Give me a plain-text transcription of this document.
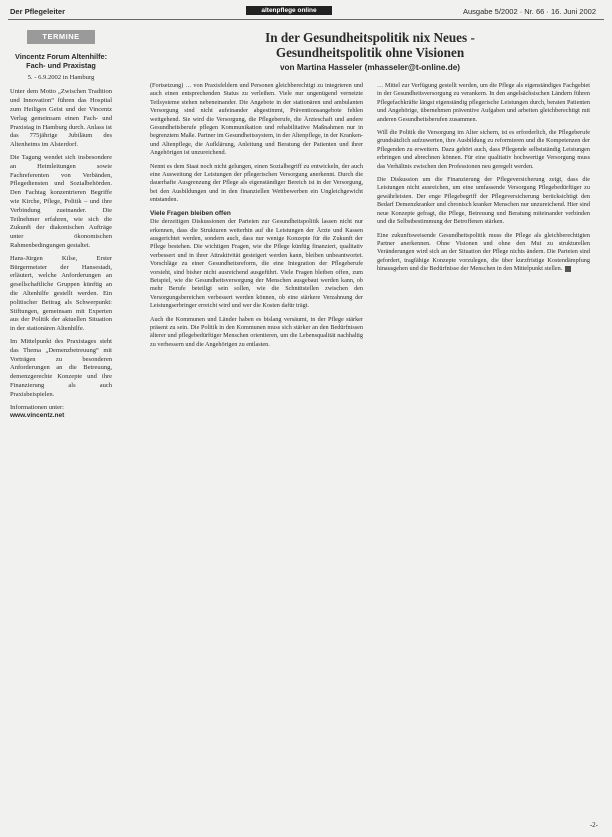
Der Pflegeleiter	altenpflege online	Ausgabe 5/2002 · Nr. 66 · 16. Juni 2002
TERMINE
Vincentz Forum Altenhilfe: Fach- und Praxistag
5. - 6.9.2002 in Hamburg

Unter dem Motto „Zwischen Tradition und Innovation“ führen das Hospital zum Heiligen Geist und der Vincentz Verlag gemeinsam einen Fach- und Praxistag in Hamburg durch. Anlass ist das 775jährige Jubiläum des Altenheims im Alsterdorf.

Die Tagung wendet sich insbesondere an Heimleitungen sowie Fachreferenten von Verbänden, Pflegediensten und Sozialbehörden. Den Fachtag konzentrieren Begriffe wie Kirche, Pflege, Politik – und ihre Verbindung zueinander. Die Teilnehmer erfahren, wie sich die Zukunft der diakonischen Aufträge unter ökonomischen Rahmenbedingungen gestaltet.

Hans-Jürgen Kilse, Erster Bürgermeister der Hansestadt, erläutert, welche Anforderungen an gesellschaftliche Gruppen künftig an die Altenhilfe gestellt werden. Ein politischer Beitrag als Schwerpunkt: Stiftungen, gemeinsam mit Experten aus der Politik der aktuellen Situation in der stationären Altenhilfe.

Im Mittelpunkt des Praxistages steht das Thema „Demenzbetreuung“ mit Vorträgen zu besonderen Anforderungen an die Betreuung, demenzgerechte Konzepte und ihre Finanzierung als auch Praxisbeispielen.

Informationen unter:
www.vincentz.net
In der Gesundheitspolitik nix Neues -
Gesundheitspolitik ohne Visionen
von Martina Hasseler (mhasseler@t-online.de)

(Fortsetzung) … von Praxisfeldern und Personen gleichberechtigt zu integrieren und auch einen entsprechenden Status zu verleihen. Viele nur ungenügend vernetzte Teilsysteme stehen nebeneinander. Die Angebote in der stationären und ambulanten Versorgung sind nicht aufeinander abgestimmt, Präventionsangebote fehlen weitgehend. Sie wird die Versorgung, die Pflegeberufe, die Ärzteschaft und andere Gesundheitsberufe pflegen Kommunikation und rehabilitative Maßnahmen nur in begrenztem Maße. Partner im Gesundheitssystem, in der Altenpflege, in der Kranken- und Altenpflege, die Aufklärung, Anleitung und Beratung der Patienten und ihrer Angehörigen ist unzureichend.

Nennt es dem Staat noch nicht gelungen, einen Sozialbegriff zu entwickeln, der auch eine Ausweitung der Leistungen der pflegerischen Versorgung anerkennt. Durch die dauerhafte Ausgrenzung der Pflege als eigenständiger Bereich ist in der Versorgung, bei den Ausbildungen und in den finanziellen Wettbewerben ein Ungleichgewicht entstanden.

Viele Fragen bleiben offen

Die derzeitigen Diskussionen der Parteien zur Gesundheitspolitik lassen nicht nur erkennen, dass die Strukturen weiterhin auf die Leistungen der Ärzte und Kassen ausgerichtet werden, sondern auch, dass nur wenige Konzepte für die Zukunft der Pflege bestehen. Die wichtigen Fragen, wie die Pflege künftig finanziert, qualitativ verbessert und in ihrer Attraktivität gesteigert werden kann, bleiben unbeantwortet. Vorschläge zu einer Gesundheitsreform, die eine Integration der Pflegeberufe vorsieht, sind bisher nicht ausreichend ausgeführt. Viele Fragen bleiben offen, zum Beispiel, wie die Gesundheitsversorgung der Menschen ausgebaut werden kann, ob mehr Berufe beteiligt sein sollen, wie die Schnittstellen zwischen den Versorgungsbereichen verbessert werden können, ob eine stärkere Verzahnung der Leistungserbringer erreicht wird und wer die Kosten dafür trägt.

Auch die Kommunen und Länder haben es bislang versäumt, in der Pflege stärker präsent zu sein. Die Politik in den Kommunen muss sich stärker an den Bedürfnissen älterer und pflegebedürftiger Menschen orientieren, um die Lebensqualität nachhaltig zu verbessern und die Angehörigen zu entlasten.

… Mittel zur Verfügung gestellt werden, um die Pflege als eigenständiges Fachgebiet in der Gesundheitsversorgung zu verankern. In den angelsächsischen Ländern führen Pflegefachkräfte längst eigenständig pflegerische Leistungen durch, beraten Patienten und Angehörige, übernehmen präventive Aufgaben und arbeiten gleichberechtigt mit anderen Gesundheitsberufen zusammen.

Will die Politik die Versorgung im Alter sichern, ist es erforderlich, die Pflegeberufe grundsätzlich aufzuwerten, ihre Ausbildung zu reformieren und die Kompetenzen der Pflegenden zu erweitern. Dazu gehört auch, dass Pflegende selbstständig Leistungen erbringen und abrechnen können. Für eine qualitativ hochwertige Versorgung muss das Verhältnis zwischen den Professionen neu geregelt werden.

Die Diskussion um die Finanzierung der Pflegeversicherung zeigt, dass die Leistungen nicht ausreichen, um eine umfassende Versorgung Pflegebedürftiger zu gewährleisten. Der enge Pflegebegriff der Pflegeversicherung berücksichtigt den Bedarf Demenzkranker und chronisch kranker Menschen nur unzureichend. Hier sind neue Konzepte gefragt, die Pflege, Betreuung und Beratung miteinander verbinden und die Selbstbestimmung der Betroffenen stärken.

Eine zukunftsweisende Gesundheitspolitik muss die Pflege als gleichberechtigten Partner anerkennen. Ohne Visionen und ohne den Mut zu strukturellen Veränderungen wird sich an der Situation der Pflege nichts ändern. Die Parteien sind gefordert, tragfähige Konzepte vorzulegen, die über kurzfristige Kostendämpfung hinausgehen und die Bedürfnisse der Menschen in den Mittelpunkt stellen.

-2-
